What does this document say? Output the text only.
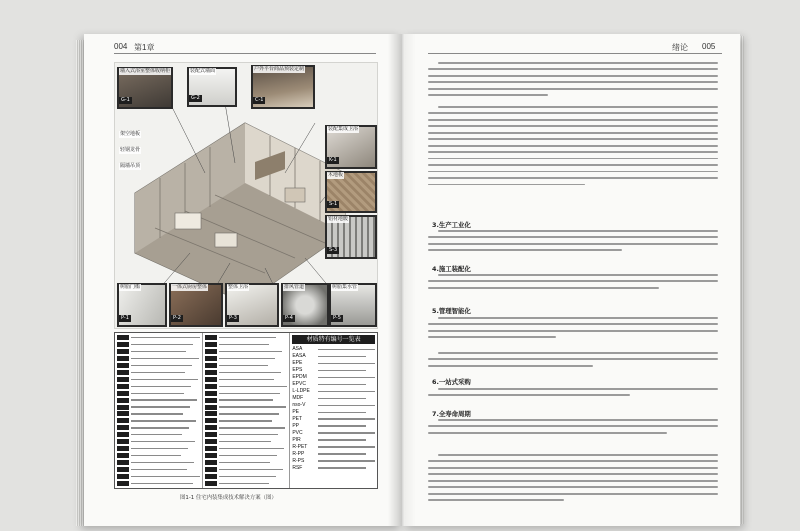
004 第1章
G-1
墙入式浴室整体收纳柜
G-2
装配式墙面
C-1
户外平台商品预装定制
K-1
装配集成卫浴
S-1
木地板
S-3
铝材地暖
P-1
树脂门槛
P-2
一体式厨房整体
P-3
整体卫浴
P-4
排风管道
P-5
树脂集水管
架空地板
轻钢龙骨
隔墙吊顶
材质特有编号一览表
ASA
EASA
EPE
EPS
EPDM
EPVC
L-LDPE
MDF
nso-V
PE
PET
PP
PVC
PIR
R-PET
R-PP
R-PS
RSF
图1-1 住宅内装集成技术解决方案（图）
绪论 005
3.生产工业化
4.施工装配化
5.管理智能化
6.一站式采购
7.全寿命周期
